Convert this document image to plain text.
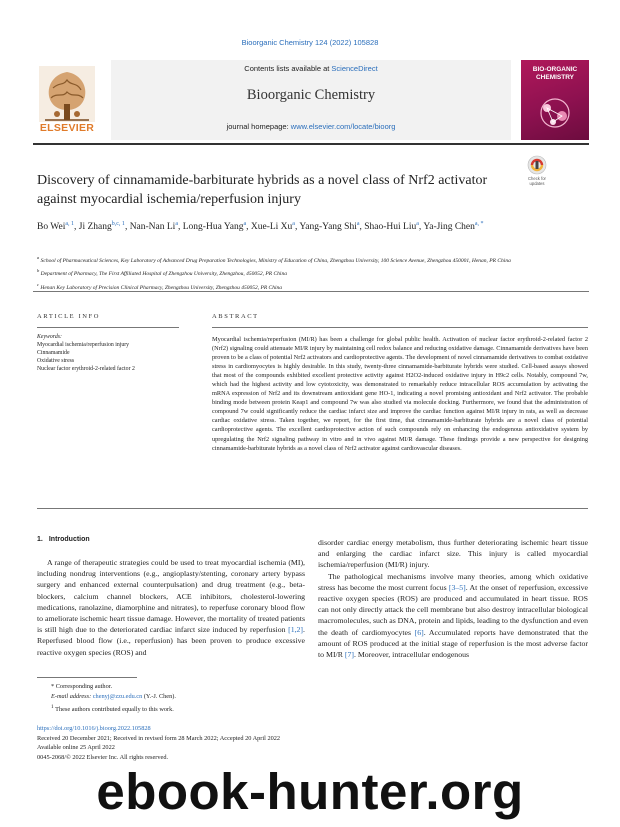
Bioorganic Chemistry 124 (2022) 105828
ELSEVIER
Contents lists available at ScienceDirect
Bioorganic Chemistry
journal homepage: www.elsevier.com/locate/bioorg
BIO-ORGANIC
CHEMISTRY
Discovery of cinnamamide-barbiturate hybrids as a novel class of Nrf2 activator against myocardial ischemia/reperfusion injury
Check for
updates
Bo Wei$^{a, 1}$, Ji Zhang$^{b,c, 1}$, Nan-Nan Li$^a$, Long-Hua Yang$^a$, Xue-Li Xu$^a$, Yang-Yang Shi$^a$, Shao-Hui Liu$^a$, Ya-Jing Chen$^{a, *}$
$^a$ School of Pharmaceutical Sciences, Key Laboratory of Advanced Drug Preparation Technologies, Ministry of Education of China, Zhengzhou University, 100 Science Avenue, Zhengzhou 450001, Henan, PR China
$^b$ Department of Pharmacy, The First Affiliated Hospital of Zhengzhou University, Zhengzhou, 450052, PR China
$^c$ Henan Key Laboratory of Precision Clinical Pharmacy, Zhengzhou University, Zhengzhou 450052, PR China
ARTICLE INFO	ABSTRACT
Keywords:
Myocardial ischemia/reperfusion injury
Cinnamamide
Oxidative stress
Nuclear factor erythroid-2-related factor 2
Myocardial ischemia/reperfusion (MI/R) has been a challenge for global public health. Activation of nuclear factor erythroid-2-related factor 2 (Nrf2) signaling could attenuate MI/R injury by maintaining cell redox balance and reducing oxidative damage. Cinnamamide derivatives have been proven to be a class of potential Nrf2 activators and cardioprotective agents. The development of novel cinnamamide derivatives to combat oxidative stress in cardiomyocytes is highly desirable. In this study, twenty-three cinnamamide-barbiturate hybrids were studied. Cell-based assays showed that most of the compounds exhibited excellent protective activity against H2O2-induced oxidative injury in H9c2 cells. Notably, compound 7w, which had the highest activity and low cytotoxicity, was demonstrated to remarkably reduce intracellular ROS accumulation by activating the mRNA expression of Nrf2 and its downstream antioxidant gene HO-1, indicating a novel promising antioxidant and Nrf2 activator. The probable binding mode between protein Keap1 and compound 7w was also studied via molecule docking. Furthermore, we found that the administration of compound 7w could significantly reduce the cardiac infarct size and improve the cardiac function against MI/R injury in rats, as well as decrease cardiac oxidative stress. Taken together, we report, for the first time, that cinnamamide-barbiturate hybrids are a novel class of potential cardioprotective agents. The excellent cardioprotective action of such compounds rely on enhancing the endogenous antioxidative system by upregulating the Nrf2 signaling pathway in vitro and in vivo against MI/R damage. These findings provide a new perspective for designing cinnamamide-barbiturate hybrids as a novel class of Nrf2 activator against cardiovascular diseases.
1. Introduction
A range of therapeutic strategies could be used to treat myocardial ischemia (MI), including nondrug interventions (e.g., angioplasty/stenting, coronary artery bypass surgery and enhanced external counterpulsation) and drug treatment (e.g., beta-blockers, calcium channel blockers, ACE inhibitors, cholesterol-lowering medications, ranolazine, diamorphine and nitrates), to reperfuse coronary blood flow to ameliorate ischemic heart tissue damage. However, the mortality of treated patients is still high due to the deteriorated cardiac infarct size induced by reperfusion [1,2]. Reperfused blood flow (i.e., reperfusion) has been proven to produce excessive reactive oxygen species (ROS) and

disorder cardiac energy metabolism, thus further deteriorating ischemic heart tissue and enlarging the cardiac infarct size. This injury is called myocardial ischemia/reperfusion (MI/R) injury.

The pathological mechanisms involve many theories, among which oxidative stress has become the most current focus [3–5]. At the onset of reperfusion, excessive reactive oxygen species (ROS) are produced and accumulated in heart tissue. ROS can not only directly attack the cell membrane but also destroy intracellular biological macromolecules, such as DNA, protein and lipids, leading to the dysfunction and even the death of cardiomyocytes [6]. Accumulated reports have demonstrated that the amount of ROS produced at the initial stage of reperfusion is the most adverse factor to MI/R [7]. Moreover, intracellular endogenous

* Corresponding author.
E-mail address: chenyj@zzu.edu.cn (Y.-J. Chen).
$^1$ These authors contributed equally to this work.
https://doi.org/10.1016/j.bioorg.2022.105828
Received 20 December 2021; Received in revised form 28 March 2022; Accepted 20 April 2022
Available online 25 April 2022
0045-2068/© 2022 Elsevier Inc. All rights reserved.
ebook-hunter.org
